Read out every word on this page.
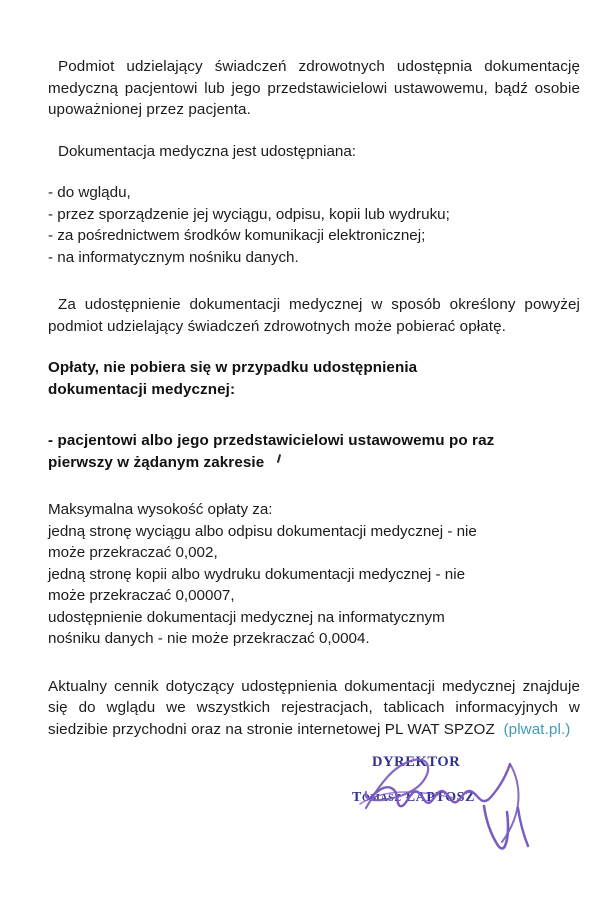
Podmiot udzielający świadczeń zdrowotnych udostępnia dokumentację medyczną pacjentowi lub jego przedstawicielowi ustawowemu, bądź osobie upoważnionej przez pacjenta.

Dokumentacja medyczna jest udostępniana:

- do wglądu,
- przez sporządzenie jej wyciągu, odpisu, kopii lub wydruku;
- za pośrednictwem środków komunikacji elektronicznej;
- na informatycznym nośniku danych.
Za udostępnienie dokumentacji medycznej w sposób określony powyżej podmiot udzielający świadczeń zdrowotnych może pobierać opłatę.
Opłaty, nie pobiera się w przypadku udostępnienia
dokumentacji medycznej:
- pacjentowi albo jego przedstawicielowi ustawowemu po raz
pierwszy w żądanym zakresie
Maksymalna wysokość opłaty za:
jedną stronę wyciągu albo odpisu dokumentacji medycznej - nie
może przekraczać 0,002,
jedną stronę kopii albo wydruku dokumentacji medycznej - nie
może przekraczać 0,00007,
udostępnienie dokumentacji medycznej na informatycznym
nośniku danych - nie może przekraczać 0,0004.
Aktualny cennik dotyczący udostępnienia dokumentacji medycznej znajduje się do wglądu we wszystkich rejestracjach, tablicach informacyjnych w siedzibie przychodni oraz na stronie internetowej PL WAT SPZOZ (plwat.pl.)
DYREKTOR
Tomasz ŁAPTOSZ
